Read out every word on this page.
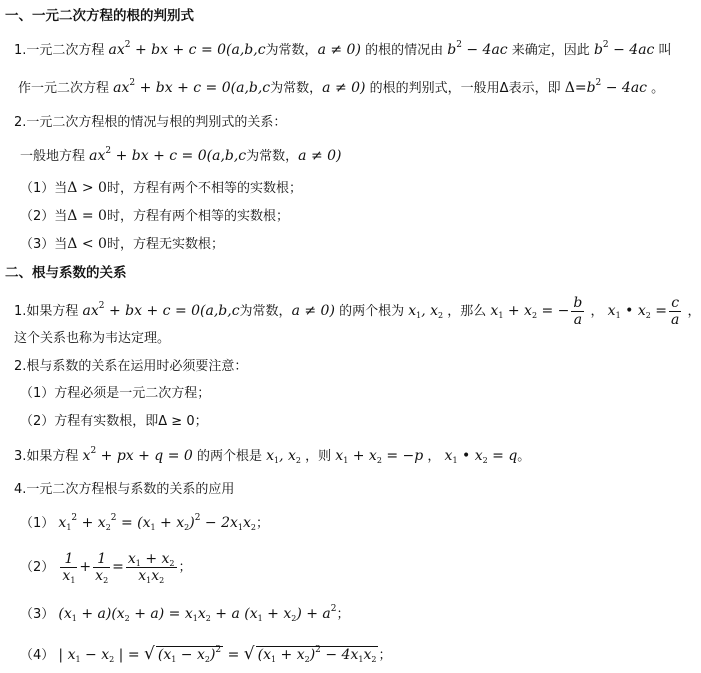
一、一元二次方程的根的判别式
1.一元二次方程 $ax^2$ + bx + c = 0(a,b,c为常数，a ≠ 0) 的根的情况由 $b^2 - 4ac$ 来确定，因此 $b^2 - 4ac$ 叫
作一元二次方程 $ax^2$ + bx + c = 0(a,b,c为常数，a ≠ 0) 的根的判别式，一般用Δ表示，即 $\Delta=b^2 - 4ac$ 。
2.一元二次方程根的情况与根的判别式的关系：
一般地方程 $ax^2$ + bx + c = 0(a,b,c为常数，a ≠ 0)
（1）当Δ > 0时，方程有两个不相等的实数根；
（2）当Δ = 0时，方程有两个相等的实数根；
（3）当Δ < 0时，方程无实数根；
二、根与系数的关系
1.如果方程 $ax^2$ + bx + c = 0(a,b,c为常数，a ≠ 0) 的两个根为 $x_1$, $x_2$ ，那么 $x_1 + x_2$ = − $\frac{b}{a}$ ， $x_1$ • $x_2 = \frac{c}{a}$ ，
这个关系也称为韦达定理。
2.根与系数的关系在运用时必须要注意：
（1）方程必须是一元二次方程；
（2）方程有实数根，即Δ ≥ 0；
3.如果方程 $x^2$ + px + q = 0 的两个根是 $x_1$, $x_2$ ，则 $x_1 + x_2 = -p$ ， $x_1$ • $x_2 = q$。
4.一元二次方程根与系数的关系的应用
（1） $x_1^2 + x_2^2 = (x_1 + x_2)^2 - 2x_1x_2$；
$(2) \frac{1}{x_1} + \frac{1}{x_2} = \frac{x_1 + x_2}{x_1x_2}$ ；
（3） $(x_1 + a)(x_2 + a) = x_1x_2 + a$ $(x_1 + x_2) + a^2$；
（4） | $x_1 - x_2$ | = √ $(x_1 - x_2)^2$ = √ $(x_1 + x_2)^2 - 4x_1x_2$ ；
